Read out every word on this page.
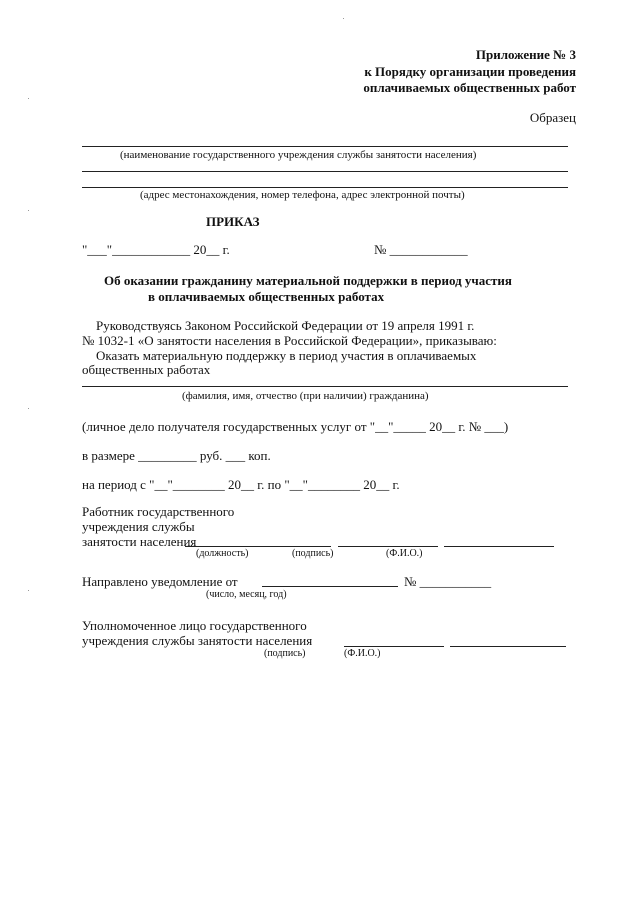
Приложение № 3
к Порядку организации проведения
оплачиваемых общественных работ
Образец
(наименование государственного учреждения службы занятости населения)
(адрес местонахождения, номер телефона, адрес электронной почты)
ПРИКАЗ
"___"____________ 20__ г.	№ ____________
Об оказании гражданину материальной поддержки в период участия
в оплачиваемых общественных работах
Руководствуясь Законом Российской Федерации от 19 апреля 1991 г.
№ 1032-1 «О занятости населения в Российской Федерации», приказываю:
Оказать материальную поддержку в период участия в оплачиваемых
общественных работах
(фамилия, имя, отчество (при наличии) гражданина)
(личное дело получателя государственных услуг от "__"_____ 20__ г. № ___)
в размере _________ руб. ___ коп.
на период с "__"________ 20__ г. по "__"________ 20__ г.
Работник государственного
учреждения службы
занятости населения
(должность)	(подпись)	(Ф.И.О.)
Направлено уведомление от	№ ___________
(число, месяц, год)
Уполномоченное лицо государственного
учреждения службы занятости населения
(подпись)	(Ф.И.О.)
